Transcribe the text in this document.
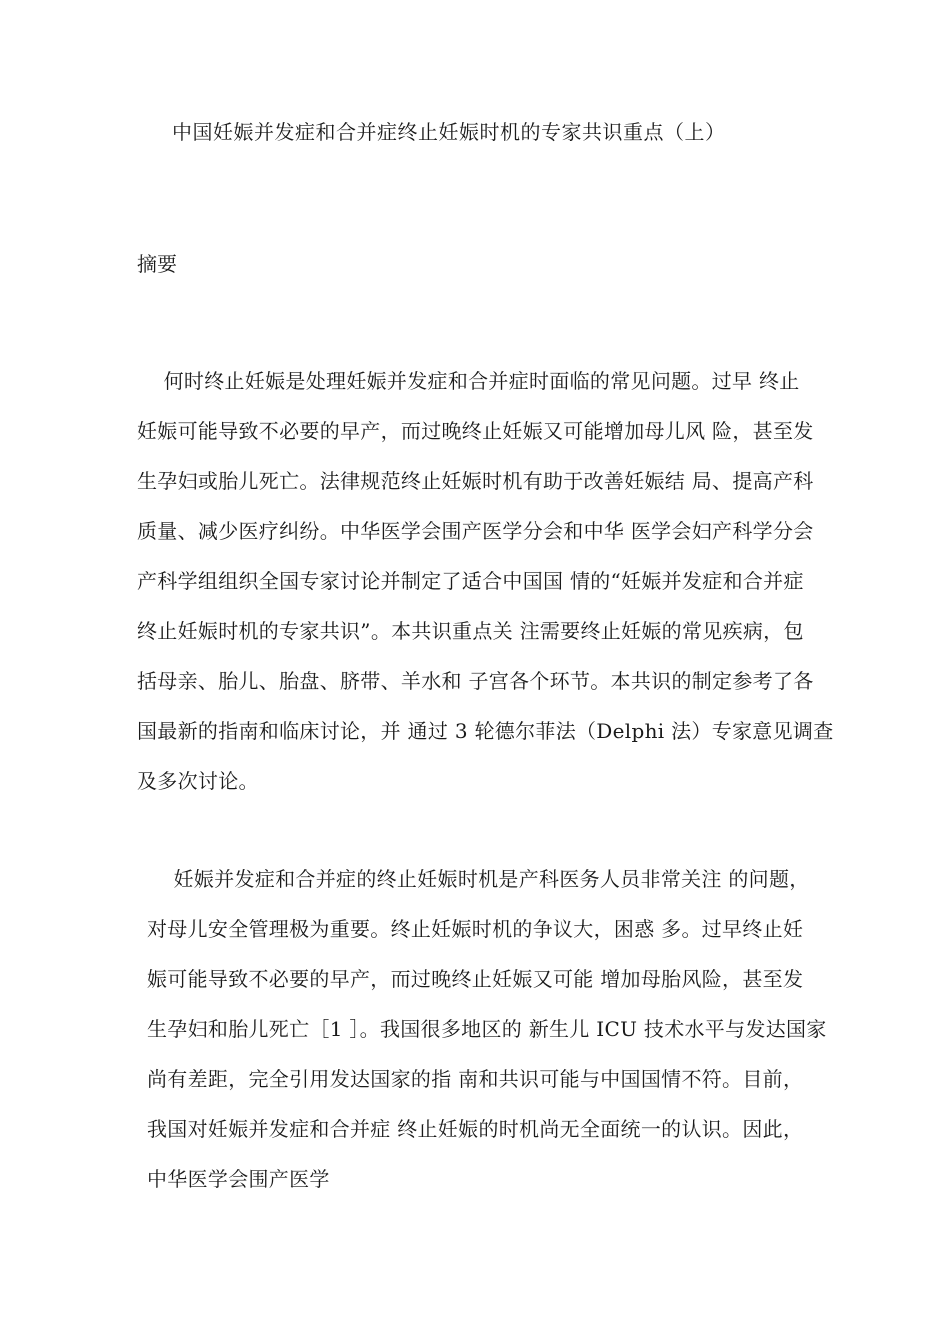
中国妊娠并发症和合并症终止妊娠时机的专家共识重点（上）
摘要
何时终止妊娠是处理妊娠并发症和合并症时面临的常见问题。过早 终止
妊娠可能导致不必要的早产，而过晚终止妊娠又可能增加母儿风 险，甚至发
生孕妇或胎儿死亡。法律规范终止妊娠时机有助于改善妊娠结 局、提高产科
质量、减少医疗纠纷。中华医学会围产医学分会和中华 医学会妇产科学分会
产科学组组织全国专家讨论并制定了适合中国国 情的“妊娠并发症和合并症
终止妊娠时机的专家共识”。本共识重点关 注需要终止妊娠的常见疾病，包
括母亲、胎儿、胎盘、脐带、羊水和 子宫各个环节。本共识的制定参考了各
国最新的指南和临床讨论，并 通过 3 轮德尔菲法（Delphi 法）专家意见调查
及多次讨论。
妊娠并发症和合并症的终止妊娠时机是产科医务人员非常关注 的问题，
对母儿安全管理极为重要。终止妊娠时机的争议大，困惑 多。过早终止妊
娠可能导致不必要的早产，而过晚终止妊娠又可能 增加母胎风险，甚至发
生孕妇和胎儿死亡［1 ］。我国很多地区的 新生儿 ICU 技术水平与发达国家
尚有差距，完全引用发达国家的指 南和共识可能与中国国情不符。目前，
我国对妊娠并发症和合并症 终止妊娠的时机尚无全面统一的认识。因此，
中华医学会围产医学
